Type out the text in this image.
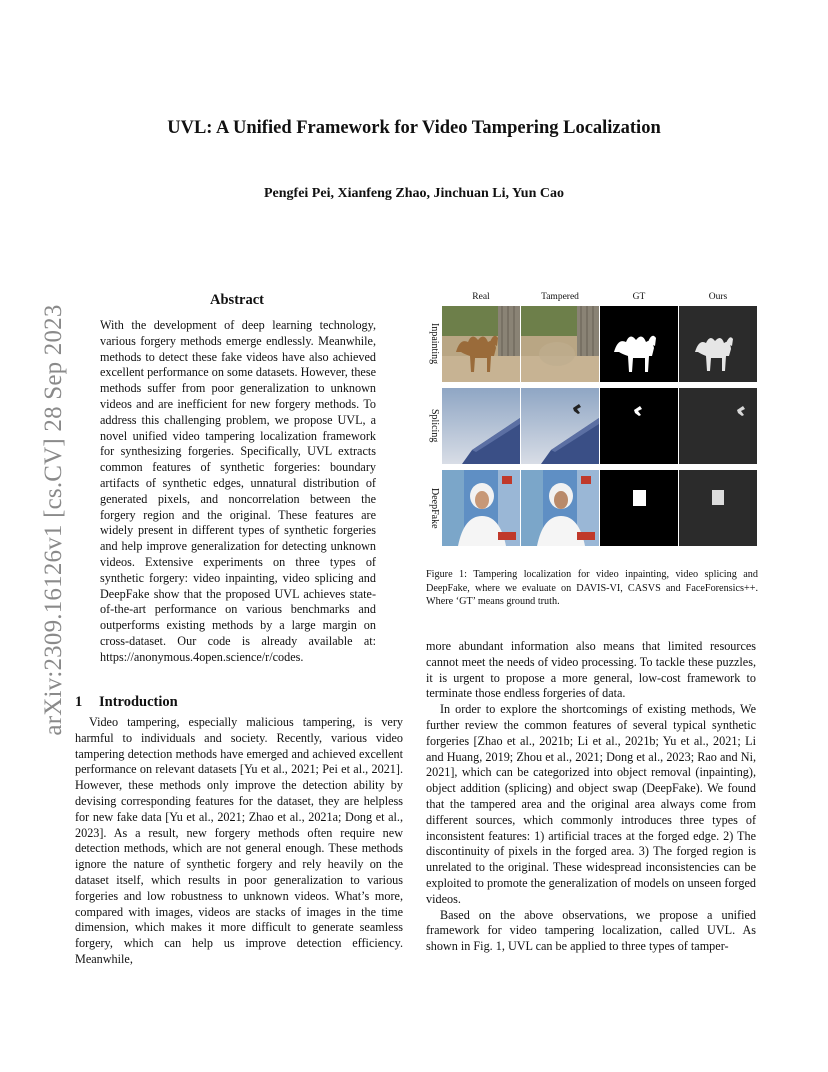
arXiv:2309.16126v1 [cs.CV] 28 Sep 2023
UVL: A Unified Framework for Video Tampering Localization
Pengfei Pei, Xianfeng Zhao, Jinchuan Li, Yun Cao
Abstract
With the development of deep learning technology, various forgery methods emerge endlessly. Meanwhile, methods to detect these fake videos have also achieved excellent performance on some datasets. However, these methods suffer from poor generalization to unknown videos and are inefficient for new forgery methods. To address this challenging problem, we propose UVL, a novel unified video tampering localization framework for synthesizing forgeries. Specifically, UVL extracts common features of synthetic forgeries: boundary artifacts of synthetic edges, unnatural distribution of generated pixels, and noncorrelation between the forgery region and the original. These features are widely present in different types of synthetic forgeries and help improve generalization for detecting unknown videos. Extensive experiments on three types of synthetic forgery: video inpainting, video splicing and DeepFake show that the proposed UVL achieves state-of-the-art performance on various benchmarks and outperforms existing methods by a large margin on cross-dataset. Our code is already available at: https://anonymous.4open.science/r/codes.
1 Introduction

Video tampering, especially malicious tampering, is very harmful to individuals and society. Recently, various video tampering detection methods have emerged and achieved excellent performance on relevant datasets [Yu et al., 2021; Pei et al., 2021]. However, these methods only improve the detection ability by devising corresponding features for the dataset, they are helpless for new fake data [Yu et al., 2021; Zhao et al., 2021a; Dong et al., 2023]. As a result, new forgery methods often require new detection methods, which are not general enough. These methods ignore the nature of synthetic forgery and rely heavily on the dataset itself, which results in poor generalization to various forgeries and low robustness to unknown videos. What’s more, compared with images, videos are stacks of images in the time dimension, which makes it more difficult to generate seamless forgery, which can help us improve detection efficiency. Meanwhile,

Real	Tampered	GT	Ours
Inpainting
Splicing
DeepFake
Figure 1: Tampering localization for video inpainting, video splicing and DeepFake, where we evaluate on DAVIS-VI, CASVS and FaceForensics++. Where ‘GT’ means ground truth.

more abundant information also means that limited resources cannot meet the needs of video processing. To tackle these puzzles, it is urgent to propose a more general, low-cost framework to terminate those endless forgeries of data.

In order to explore the shortcomings of existing methods, We further review the common features of several typical synthetic forgeries [Zhao et al., 2021b; Li et al., 2021b; Yu et al., 2021; Li and Huang, 2019; Zhou et al., 2021; Dong et al., 2023; Rao and Ni, 2021], which can be categorized into object removal (inpainting), object addition (splicing) and object swap (DeepFake). We found that the tampered area and the original area always come from different sources, which commonly introduces three types of inconsistent features: 1) artificial traces at the forged edge. 2) The discontinuity of pixels in the forged area. 3) The forged region is unrelated to the original. These widespread inconsistencies can be exploited to promote the generalization of models on unseen forged videos.

Based on the above observations, we propose a unified framework for video tampering localization, called UVL. As shown in Fig. 1, UVL can be applied to three types of tamper-
